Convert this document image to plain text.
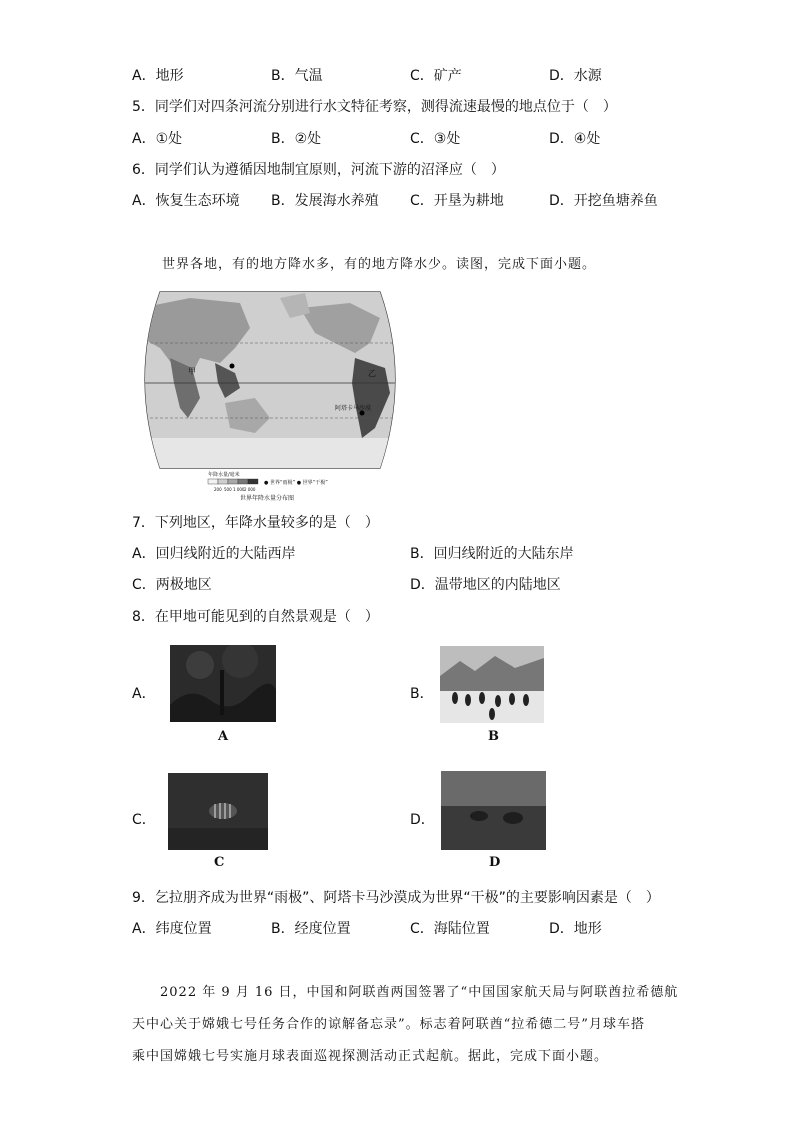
A．地形	B．气温	C．矿产	D．水源
5．同学们对四条河流分别进行水文特征考察，测得流速最慢的地点位于（　）
A．①处	B．②处	C．③处	D．④处
6．同学们认为遵循因地制宜原则，河流下游的沼泽应（　）
A．恢复生态环境 B．发展海水养殖 C．开垦为耕地	D．开挖鱼塘养鱼
世界各地，有的地方降水多，有的地方降水少。读图，完成下面小题。
甲	乙
阿塔卡马沙漠
年降水量/毫米
200 500 1 000 2 000
● 世界“雨极” ● 世界“干极”
世界年降水量分布图
7．下列地区，年降水量较多的是（　）
A．回归线附近的大陆西岸	B．回归线附近的大陆东岸
C．两极地区	D．温带地区的内陆地区
8．在甲地可能见到的自然景观是（　）
A．
A
B．
B
C．
C
D．
D
9．乞拉朋齐成为世界“雨极”、阿塔卡马沙漠成为世界“干极”的主要影响因素是（　）
A．纬度位置	B．经度位置	C．海陆位置	D．地形
2022 年 9 月 16 日，中国和阿联酋两国签署了“中国国家航天局与阿联酋拉希德航
天中心关于嫦娥七号任务合作的谅解备忘录”。标志着阿联酋“拉希德二号”月球车搭
乘中国嫦娥七号实施月球表面巡视探测活动正式起航。据此，完成下面小题。
